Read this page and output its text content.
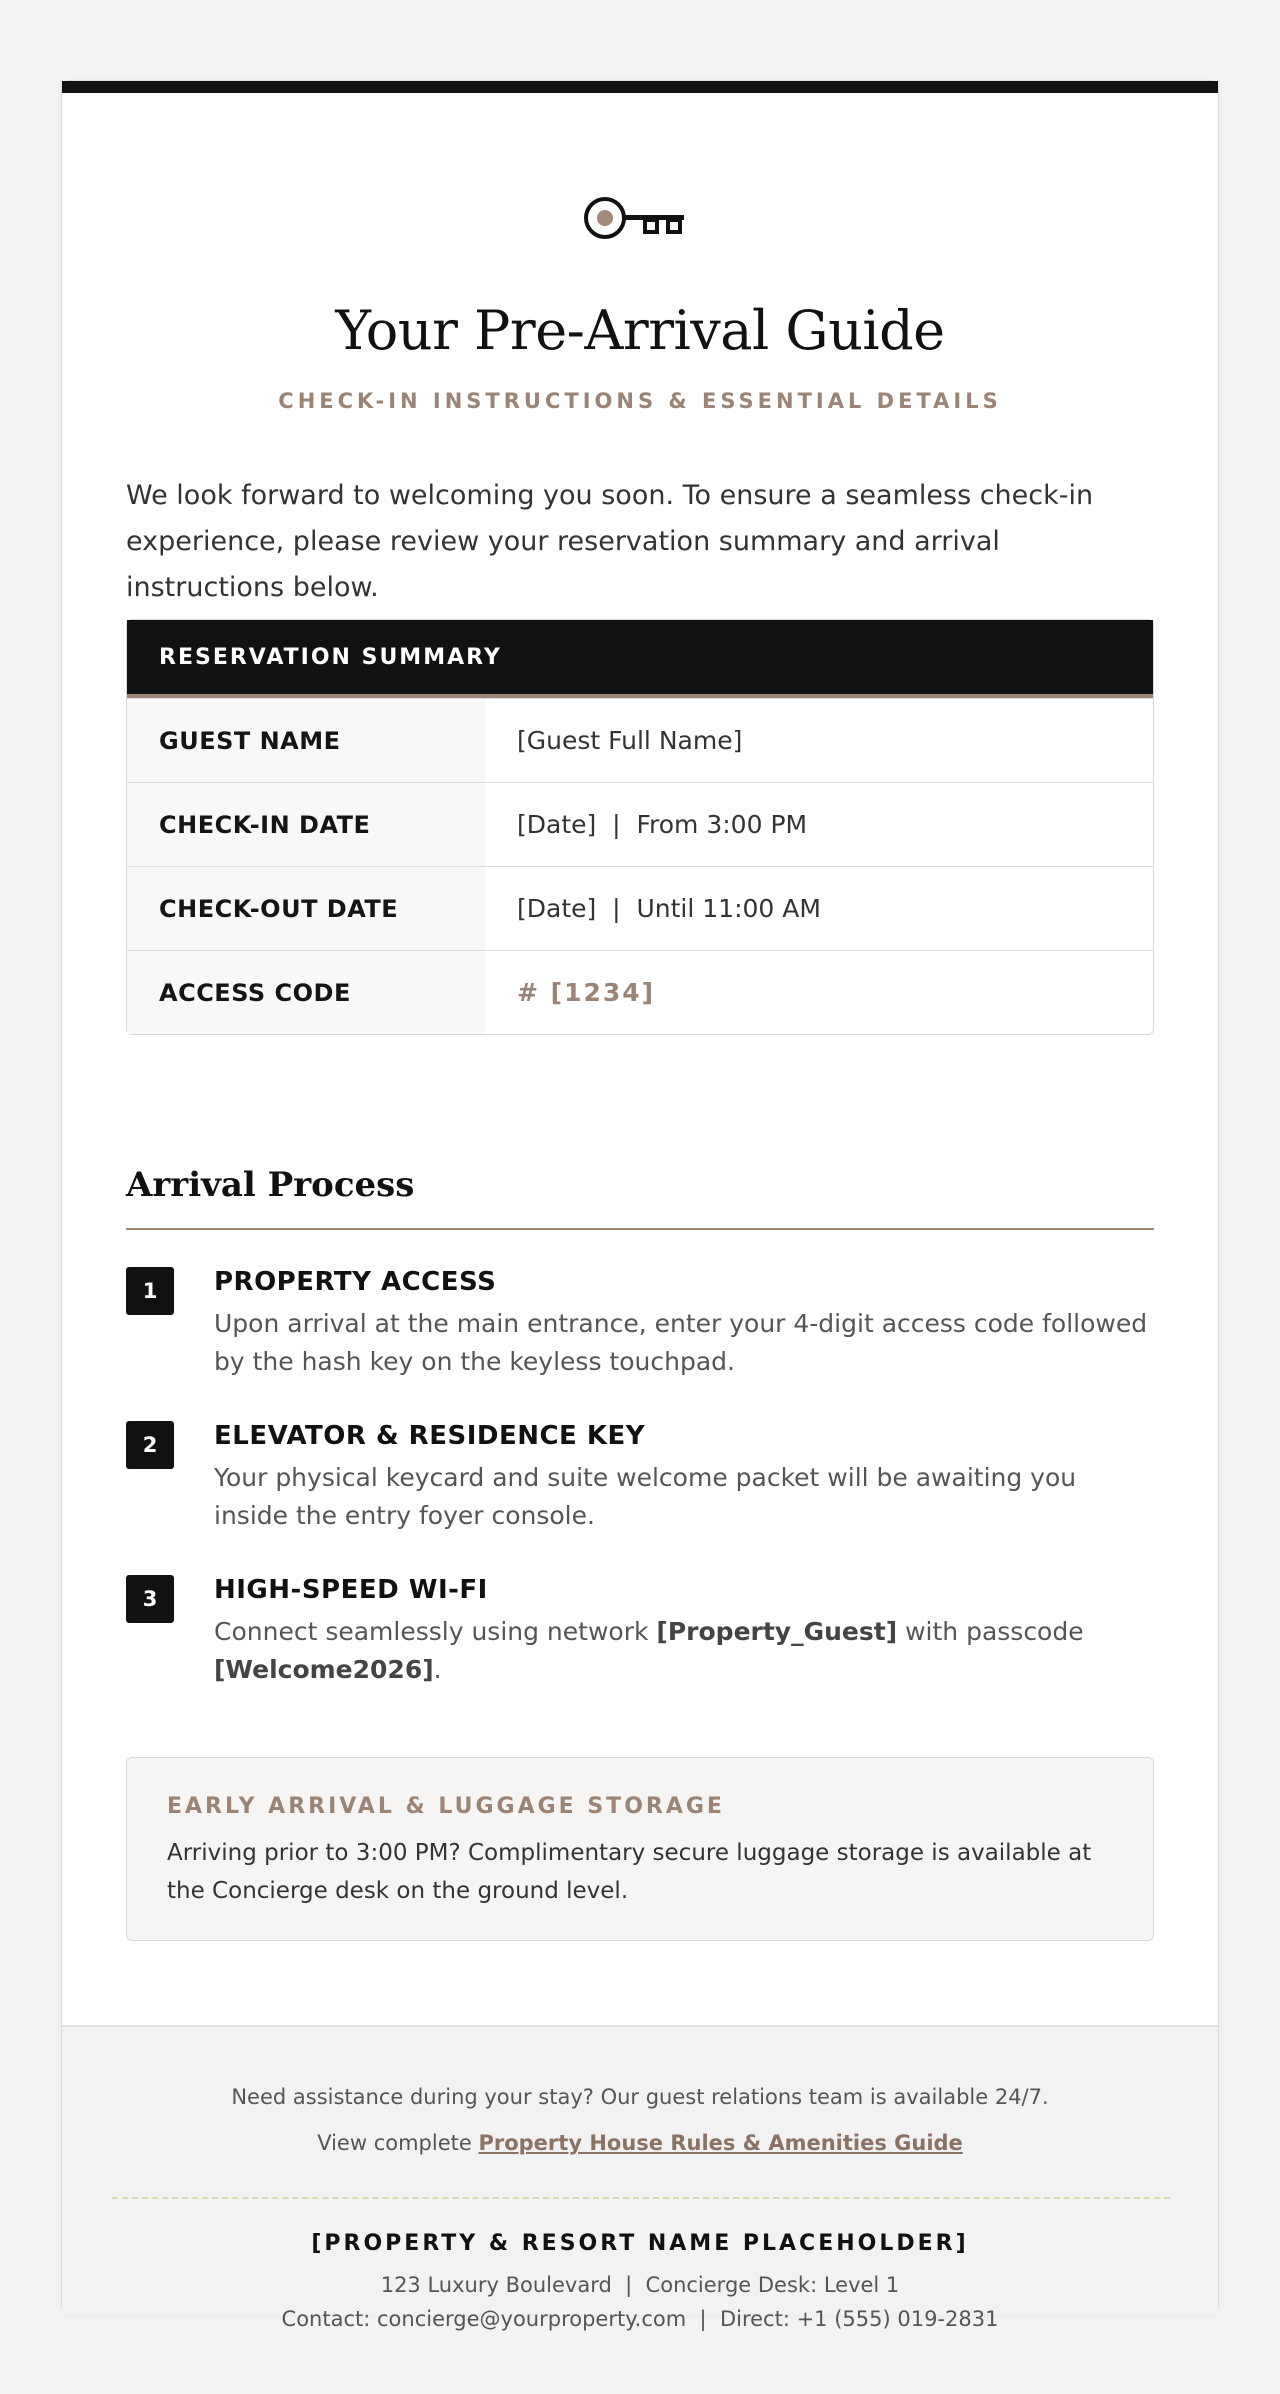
Your Pre-Arrival Guide
CHECK-IN INSTRUCTIONS & ESSENTIAL DETAILS

We look forward to welcoming you soon. To ensure a seamless check-in experience, please review your reservation summary and arrival instructions below.

RESERVATION SUMMARY
GUEST NAME	[Guest Full Name]
CHECK-IN DATE	[Date]  |  From 3:00 PM
CHECK-OUT DATE	[Date]  |  Until 11:00 AM
ACCESS CODE	# [1234]
Arrival Process
1	PROPERTY ACCESS
Upon arrival at the main entrance, enter your 4-digit access code followed by the hash key on the keyless touchpad.
2	ELEVATOR & RESIDENCE KEY
Your physical keycard and suite welcome packet will be awaiting you inside the entry foyer console.
3	HIGH-SPEED WI-FI
Connect seamlessly using network [Property_Guest] with passcode
[Welcome2026].
EARLY ARRIVAL & LUGGAGE STORAGE
Arriving prior to 3:00 PM? Complimentary secure luggage storage is available at the Concierge desk on the ground level.
Need assistance during your stay? Our guest relations team is available 24/7.
View complete Property House Rules & Amenities Guide
[PROPERTY & RESORT NAME PLACEHOLDER]
123 Luxury Boulevard  |  Concierge Desk: Level 1
Contact: concierge@yourproperty.com  |  Direct: +1 (555) 019-2831
